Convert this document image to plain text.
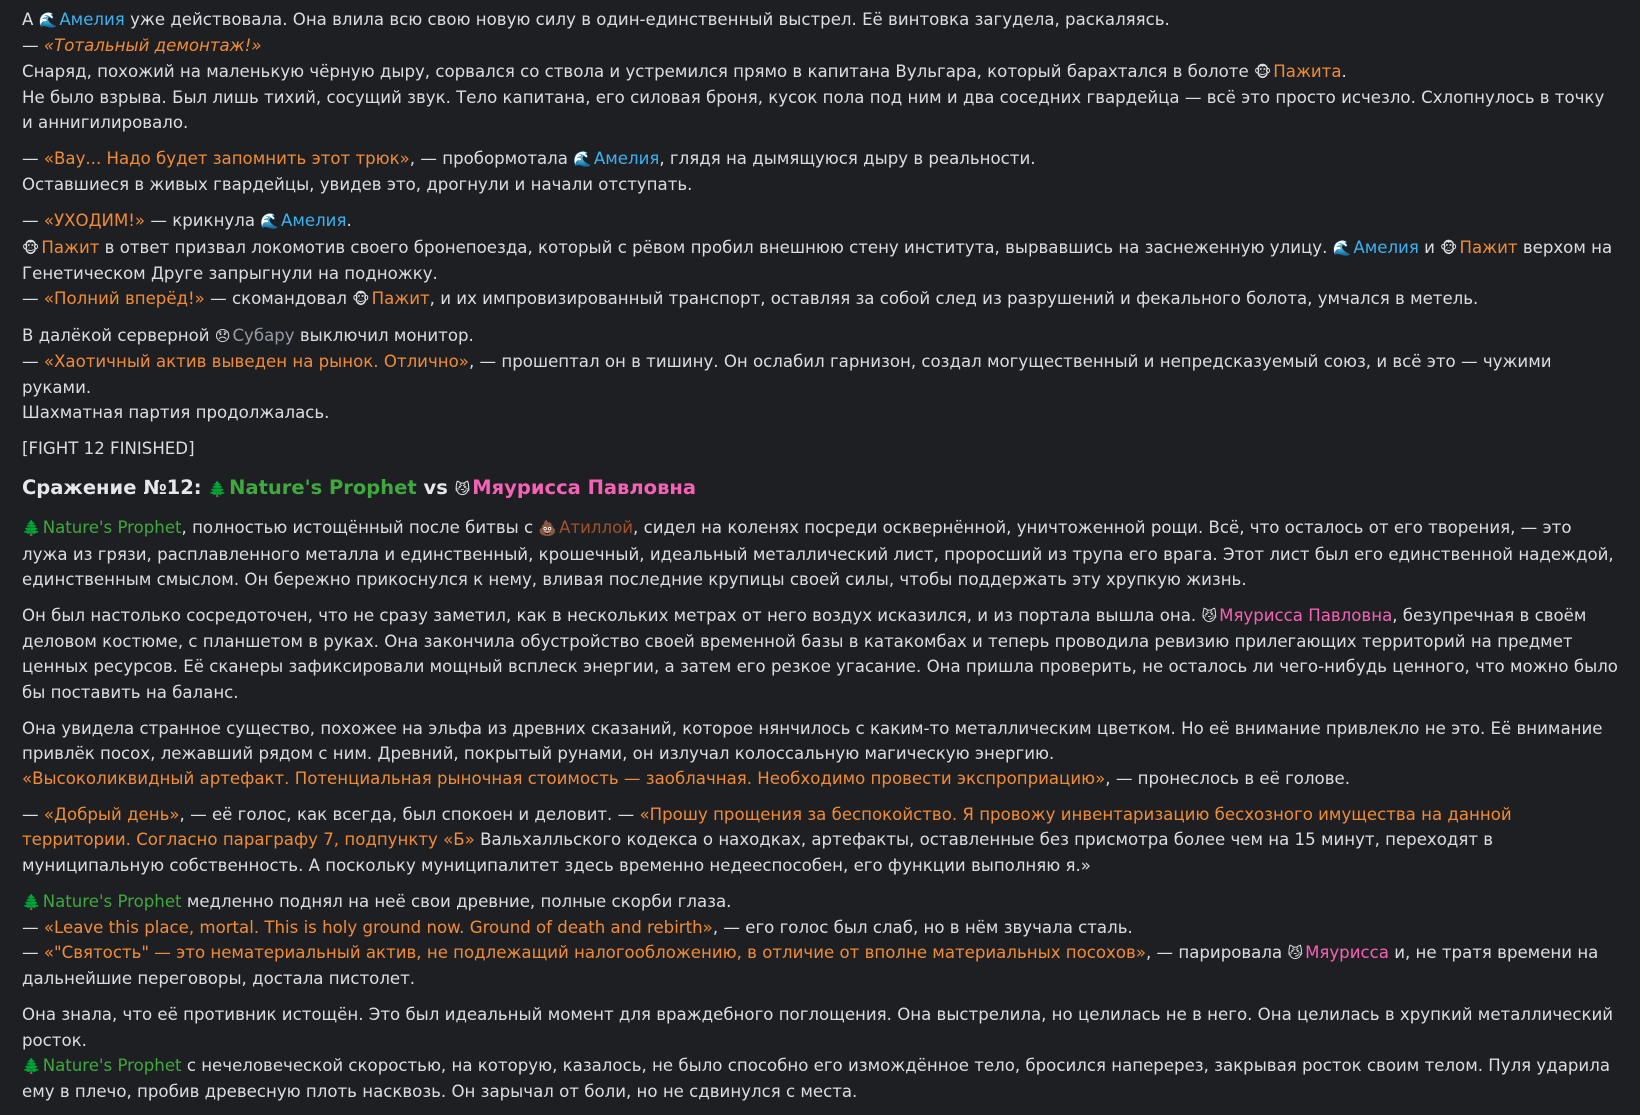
А 🌊 Амелия уже действовала. Она влила всю свою новую силу в один-единственный выстрел. Её винтовка загудела, раскаляясь.
— «Тотальный демонтаж!»
Снаряд, похожий на маленькую чёрную дыру, сорвался со ствола и устремился прямо в капитана Вульгара, который барахтался в болоте 🐵 Пажита.
Не было взрыва. Был лишь тихий, сосущий звук. Тело капитана, его силовая броня, кусок пола под ним и два соседних гвардейца — всё это просто исчезло. Схлопнулось в точку и аннигилировало.
— «Вау... Надо будет запомнить этот трюк», — пробормотала 🌊 Амелия, глядя на дымящуюся дыру в реальности.
Оставшиеся в живых гвардейцы, увидев это, дрогнули и начали отступать.
— «УХОДИМ!» — крикнула 🌊 Амелия.
🐵 Пажит в ответ призвал локомотив своего бронепоезда, который с рёвом пробил внешнюю стену института, вырвавшись на заснеженную улицу. 🌊 Амелия и 🐵 Пажит верхом на Генетическом Друге запрыгнули на подножку.
— «Полний вперёд!» — скомандовал 🐵 Пажит, и их импровизированный транспорт, оставляя за собой след из разрушений и фекального болота, умчался в метель.
В далёкой серверной 😞 Субару выключил монитор.
— «Хаотичный актив выведен на рынок. Отлично», — прошептал он в тишину. Он ослабил гарнизон, создал могущественный и непредсказуемый союз, и всё это — чужими руками.
Шахматная партия продолжалась.
[FIGHT 12 FINISHED]
Сражение №12: 🌲 Nature's Prophet vs 😼 Мяурисса Павловна
🌲 Nature's Prophet, полностью истощённый после битвы с 💩 Атиллой, сидел на коленях посреди осквернённой, уничтоженной рощи. Всё, что осталось от его творения, — это лужа из грязи, расплавленного металла и единственный, крошечный, идеальный металлический лист, проросший из трупа его врага. Этот лист был его единственной надеждой, единственным смыслом. Он бережно прикоснулся к нему, вливая последние крупицы своей силы, чтобы поддержать эту хрупкую жизнь.
Он был настолько сосредоточен, что не сразу заметил, как в нескольких метрах от него воздух исказился, и из портала вышла она. 😼 Мяурисса Павловна, безупречная в своём деловом костюме, с планшетом в руках. Она закончила обустройство своей временной базы в катакомбах и теперь проводила ревизию прилегающих территорий на предмет ценных ресурсов. Её сканеры зафиксировали мощный всплеск энергии, а затем его резкое угасание. Она пришла проверить, не осталось ли чего-нибудь ценного, что можно было бы поставить на баланс.
Она увидела странное существо, похожее на эльфа из древних сказаний, которое нянчилось с каким-то металлическим цветком. Но её внимание привлекло не это. Её внимание привлёк посох, лежавший рядом с ним. Древний, покрытый рунами, он излучал колоссальную магическую энергию.
«Высоколиквидный артефакт. Потенциальная рыночная стоимость — заоблачная. Необходимо провести экспроприацию», — пронеслось в её голове.
— «Добрый день», — её голос, как всегда, был спокоен и деловит. — «Прошу прощения за беспокойство. Я провожу инвентаризацию бесхозного имущества на данной территории. Согласно параграфу 7, подпункту «Б» Вальхалльского кодекса о находках, артефакты, оставленные без присмотра более чем на 15 минут, переходят в муниципальную собственность. А поскольку муниципалитет здесь временно недееспособен, его функции выполняю я.»
🌲 Nature's Prophet медленно поднял на неё свои древние, полные скорби глаза.
— «Leave this place, mortal. This is holy ground now. Ground of death and rebirth», — его голос был слаб, но в нём звучала сталь.
— «"Святость" — это нематериальный актив, не подлежащий налогообложению, в отличие от вполне материальных посохов», — парировала 😼 Мяурисса и, не тратя времени на дальнейшие переговоры, достала пистолет.
Она знала, что её противник истощён. Это был идеальный момент для враждебного поглощения. Она выстрелила, но целилась не в него. Она целилась в хрупкий металлический росток.
🌲 Nature's Prophet с нечеловеческой скоростью, на которую, казалось, не было способно его измождённое тело, бросился наперерез, закрывая росток своим телом. Пуля ударила ему в плечо, пробив древесную плоть насквозь. Он зарычал от боли, но не сдвинулся с места.
